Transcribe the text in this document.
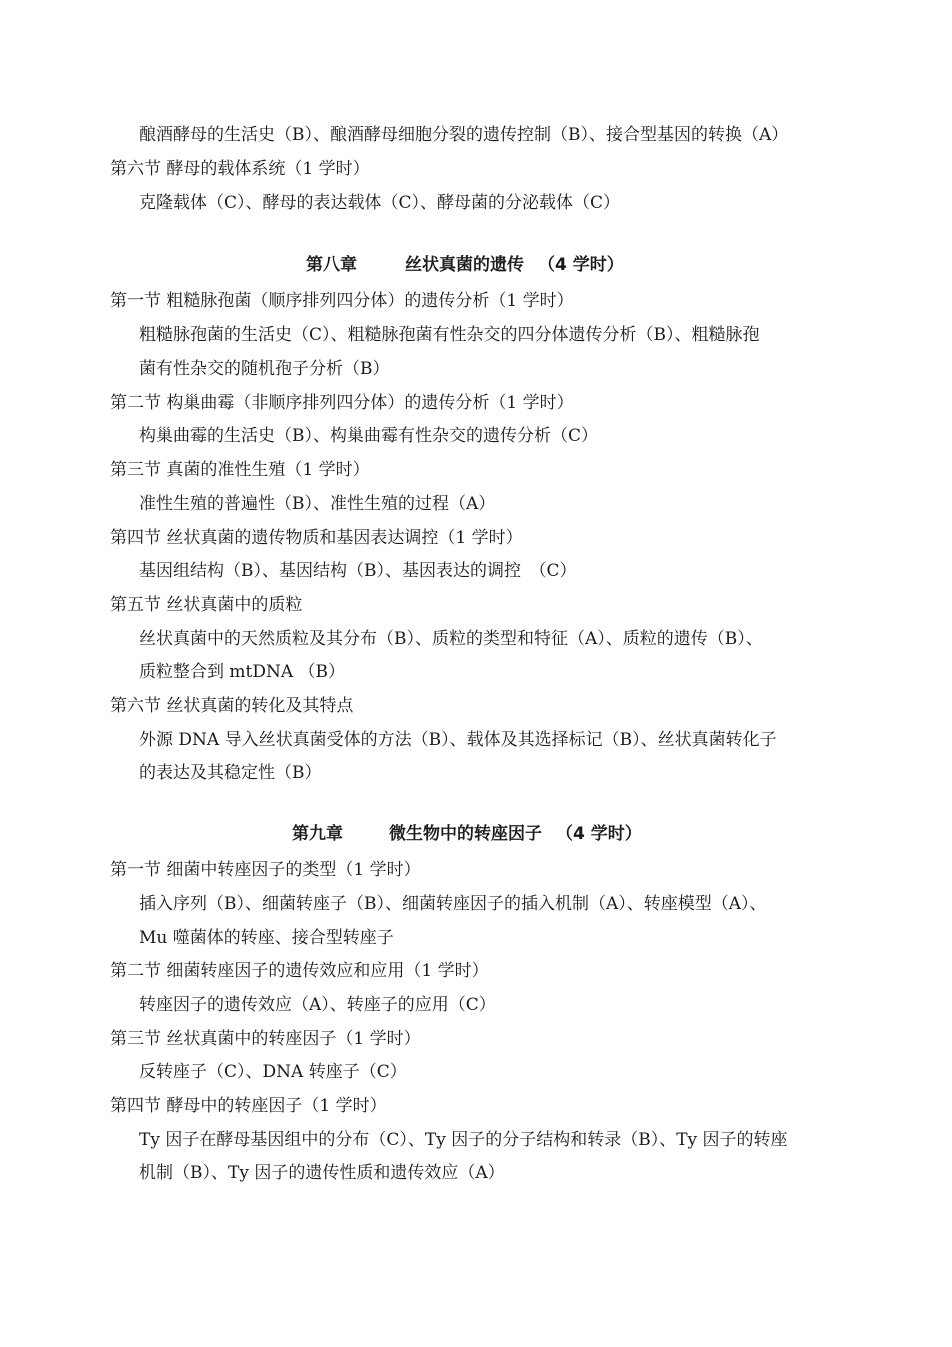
酿酒酵母的生活史（B）、酿酒酵母细胞分裂的遗传控制（B）、接合型基因的转换（A）
第六节 酵母的载体系统（1 学时）
克隆载体（C）、酵母的表达载体（C）、酵母菌的分泌载体（C）
第八章	丝状真菌的遗传 （4 学时）
第一节 粗糙脉孢菌（顺序排列四分体）的遗传分析（1 学时）
粗糙脉孢菌的生活史（C）、粗糙脉孢菌有性杂交的四分体遗传分析（B）、粗糙脉孢
菌有性杂交的随机孢子分析（B）
第二节 构巢曲霉（非顺序排列四分体）的遗传分析（1 学时）
构巢曲霉的生活史（B）、构巢曲霉有性杂交的遗传分析（C）
第三节 真菌的准性生殖（1 学时）
准性生殖的普遍性（B）、准性生殖的过程（A）
第四节 丝状真菌的遗传物质和基因表达调控（1 学时）
基因组结构（B）、基因结构（B）、基因表达的调控　（C）
第五节 丝状真菌中的质粒
丝状真菌中的天然质粒及其分布（B）、质粒的类型和特征（A）、质粒的遗传（B）、
质粒整合到 mtDNA （B）
第六节 丝状真菌的转化及其特点
外源 DNA 导入丝状真菌受体的方法（B）、载体及其选择标记（B）、丝状真菌转化子
的表达及其稳定性（B）
第九章	微生物中的转座因子 （4 学时）
第一节 细菌中转座因子的类型（1 学时）
插入序列（B）、细菌转座子（B）、细菌转座因子的插入机制（A）、转座模型（A）、
Mu 噬菌体的转座、接合型转座子
第二节 细菌转座因子的遗传效应和应用（1 学时）
转座因子的遗传效应（A）、转座子的应用（C）
第三节 丝状真菌中的转座因子（1 学时）
反转座子（C）、DNA 转座子（C）
第四节 酵母中的转座因子（1 学时）
Ty 因子在酵母基因组中的分布（C）、Ty 因子的分子结构和转录（B）、Ty 因子的转座
机制（B）、Ty 因子的遗传性质和遗传效应（A）
